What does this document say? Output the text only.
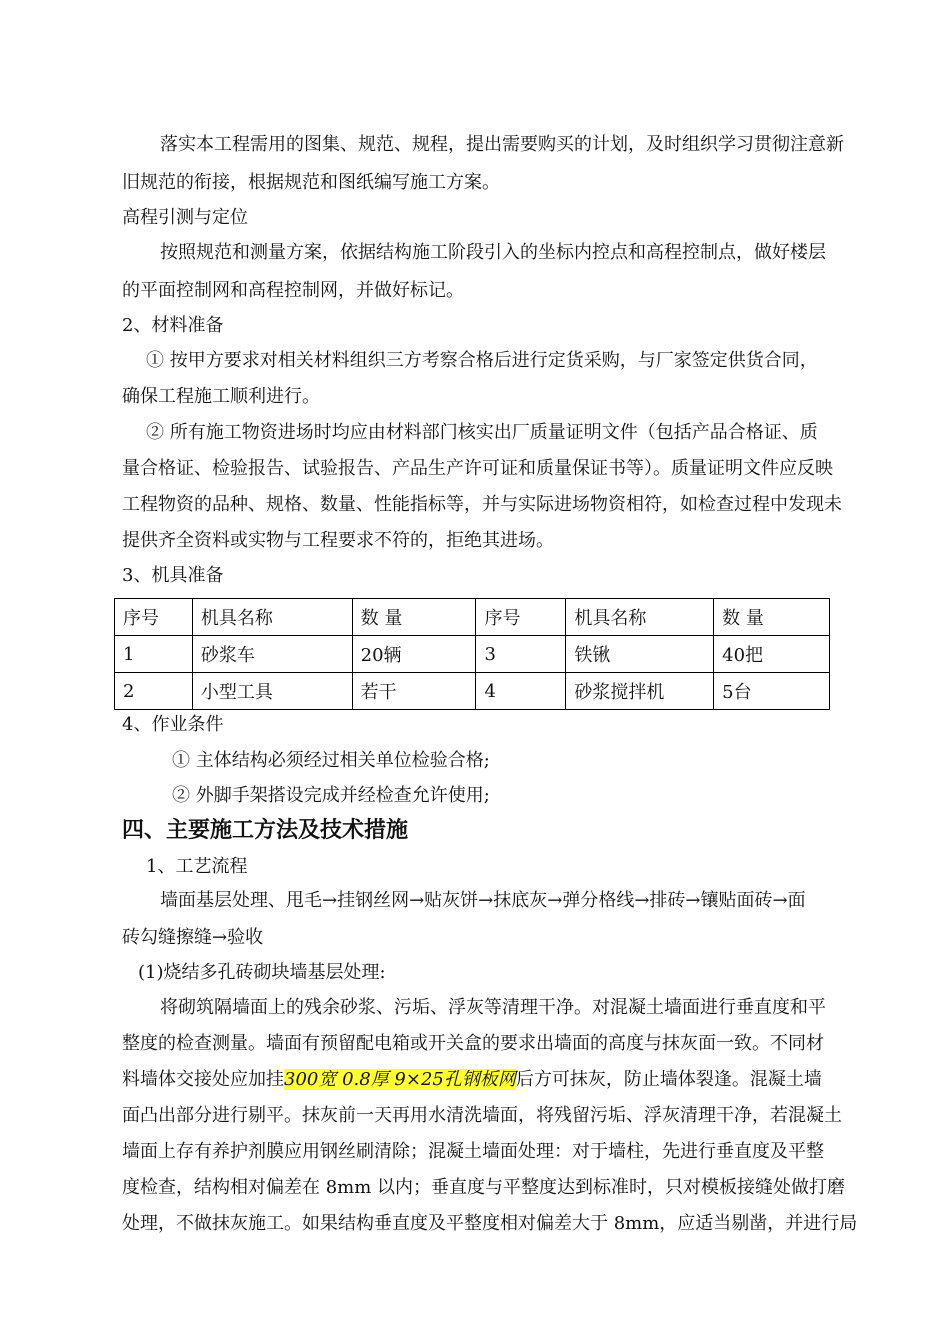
落实本工程需用的图集、规范、规程，提出需要购买的计划，及时组织学习贯彻注意新
旧规范的衔接，根据规范和图纸编写施工方案。
高程引测与定位
按照规范和测量方案，依据结构施工阶段引入的坐标内控点和高程控制点，做好楼层
的平面控制网和高程控制网，并做好标记。
2、材料准备
① 按甲方要求对相关材料组织三方考察合格后进行定货采购，与厂家签定供货合同，
确保工程施工顺利进行。
② 所有施工物资进场时均应由材料部门核实出厂质量证明文件（包括产品合格证、质
量合格证、检验报告、试验报告、产品生产许可证和质量保证书等）。质量证明文件应反映
工程物资的品种、规格、数量、性能指标等，并与实际进场物资相符，如检查过程中发现未
提供齐全资料或实物与工程要求不符的，拒绝其进场。
3、机具准备
序号	机具名称	数 量	序号	机具名称	数 量
1	砂浆车	20辆	3	铁锹	40把
2	小型工具	若干	4	砂浆搅拌机	5台
4、作业条件
① 主体结构必须经过相关单位检验合格;
② 外脚手架搭设完成并经检查允许使用;
四、主要施工方法及技术措施
1、工艺流程
墙面基层处理、甩毛→挂钢丝网→贴灰饼→抹底灰→弹分格线→排砖→镶贴面砖→面
砖勾缝擦缝→验收
(1)烧结多孔砖砌块墙基层处理:
将砌筑隔墙面上的残余砂浆、污垢、浮灰等清理干净。对混凝土墙面进行垂直度和平
整度的检查测量。墙面有预留配电箱或开关盒的要求出墙面的高度与抹灰面一致。不同材
料墙体交接处应加挂300宽 0.8厚 9×25孔钢板网后方可抹灰，防止墙体裂逢。混凝土墙
面凸出部分进行剔平。抹灰前一天再用水清洗墙面，将残留污垢、浮灰清理干净，若混凝土
墙面上存有养护剂膜应用钢丝刷清除；混凝土墙面处理：对于墙柱，先进行垂直度及平整
度检查，结构相对偏差在 8mm 以内；垂直度与平整度达到标准时，只对模板接缝处做打磨
处理，不做抹灰施工。如果结构垂直度及平整度相对偏差大于 8mm，应适当剔凿，并进行局
